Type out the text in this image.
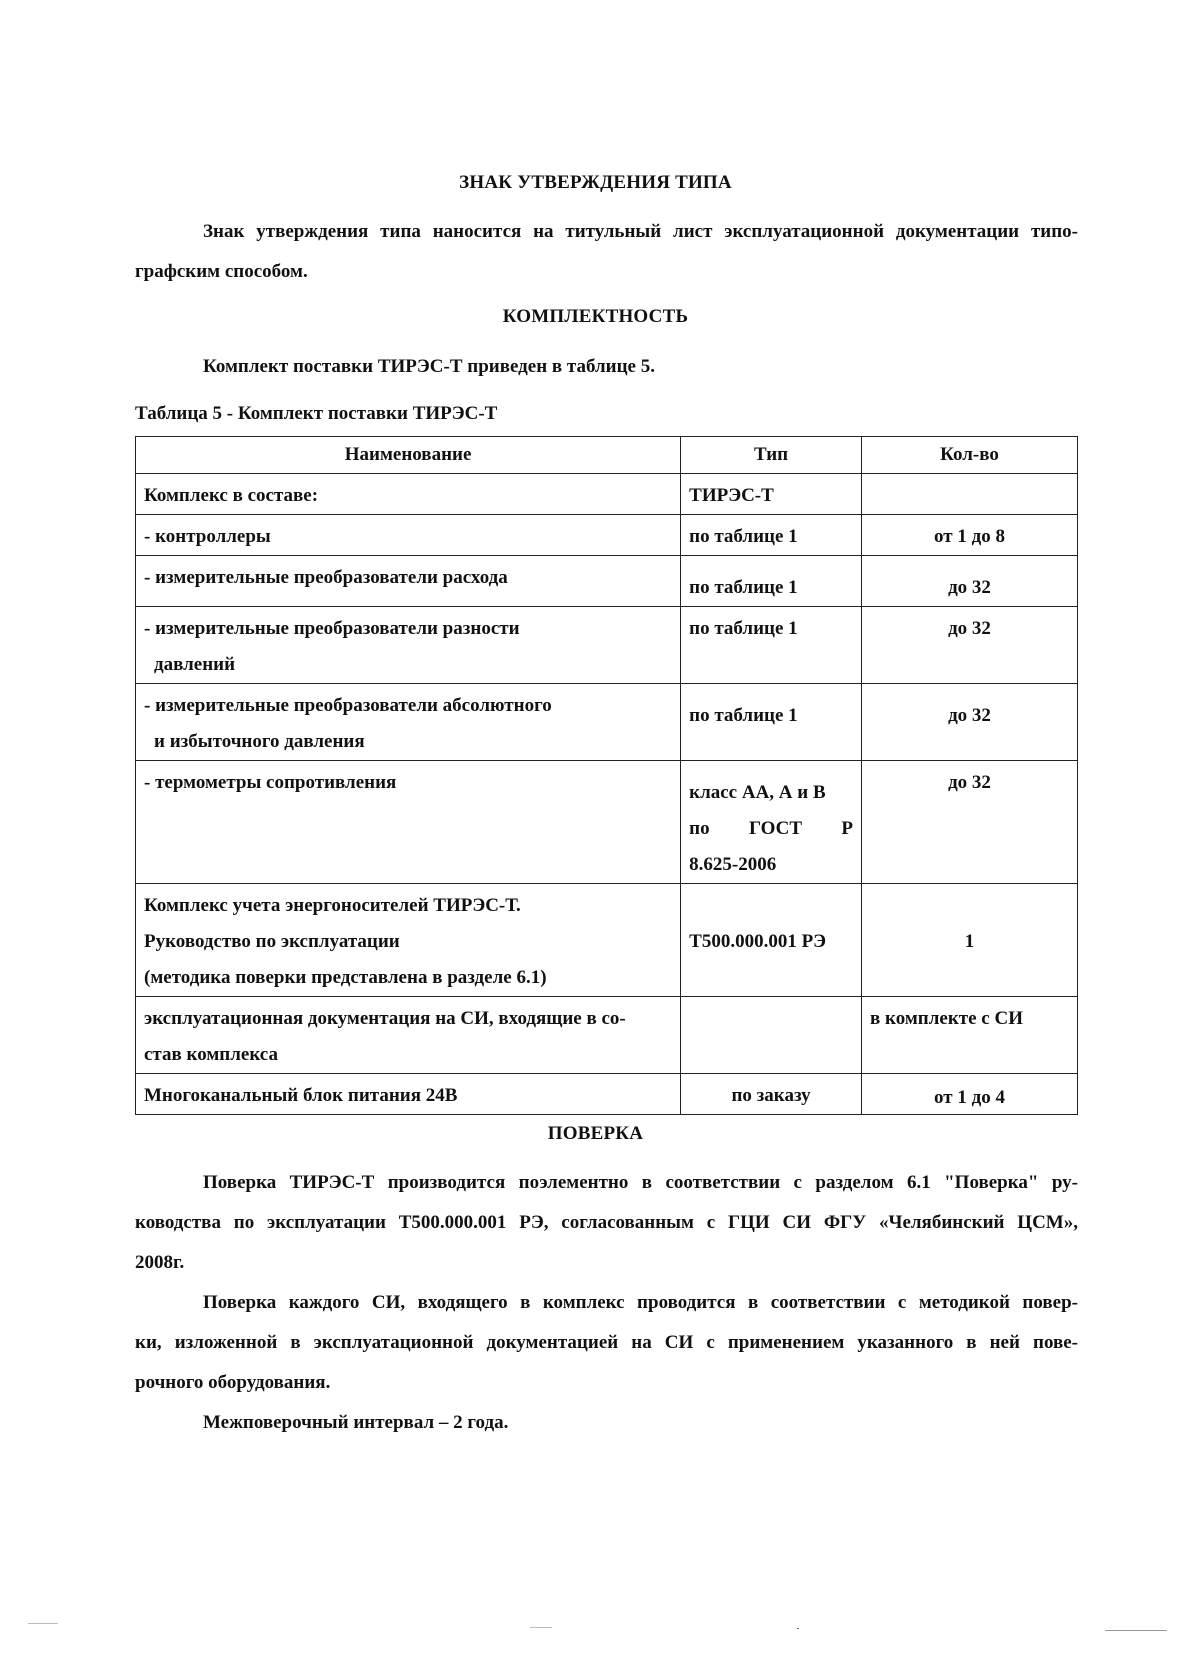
ЗНАК УТВЕРЖДЕНИЯ ТИПА
Знак утверждения типа наносится на титульный лист эксплуатационной документации типо-
графским способом.
КОМПЛЕКТНОСТЬ
Комплект поставки ТИРЭС-Т приведен в таблице 5.
Таблица 5 - Комплект поставки ТИРЭС-Т
Наименование	Тип	Кол-во
Комплекс в составе:	ТИРЭС-Т	
- контроллеры	по таблице 1	от 1 до 8
- измерительные преобразователи расхода	по таблице 1	до 32

- измерительные преобразователи разности
давлений	по таблице 1	до 32

- измерительные преобразователи абсолютного
и избыточного давления	по таблице 1	до 32
- термометры сопротивления	класс АА, А и В
по ГОСТ Р
8.625-2006	до 32

Комплекс учета энергоносителей ТИРЭС-Т.
Руководство по эксплуатации
(методика поверки представлена в разделе 6.1)	Т500.000.001 РЭ	1

эксплуатационная документация на СИ, входящие в со-
став комплекса		в комплекте с СИ
Многоканальный блок питания 24В	по заказу	от 1 до 4
ПОВЕРКА
Поверка ТИРЭС-Т производится поэлементно в соответствии с разделом 6.1 "Поверка" ру-
ководства по эксплуатации Т500.000.001 РЭ, согласованным с ГЦИ СИ ФГУ «Челябинский ЦСМ»,
2008г.
Поверка каждого СИ, входящего в комплекс проводится в соответствии с методикой повер-
ки, изложенной в эксплуатационной документацией на СИ с применением указанного в ней пове-
рочного оборудования.
Межповерочный интервал – 2 года.
